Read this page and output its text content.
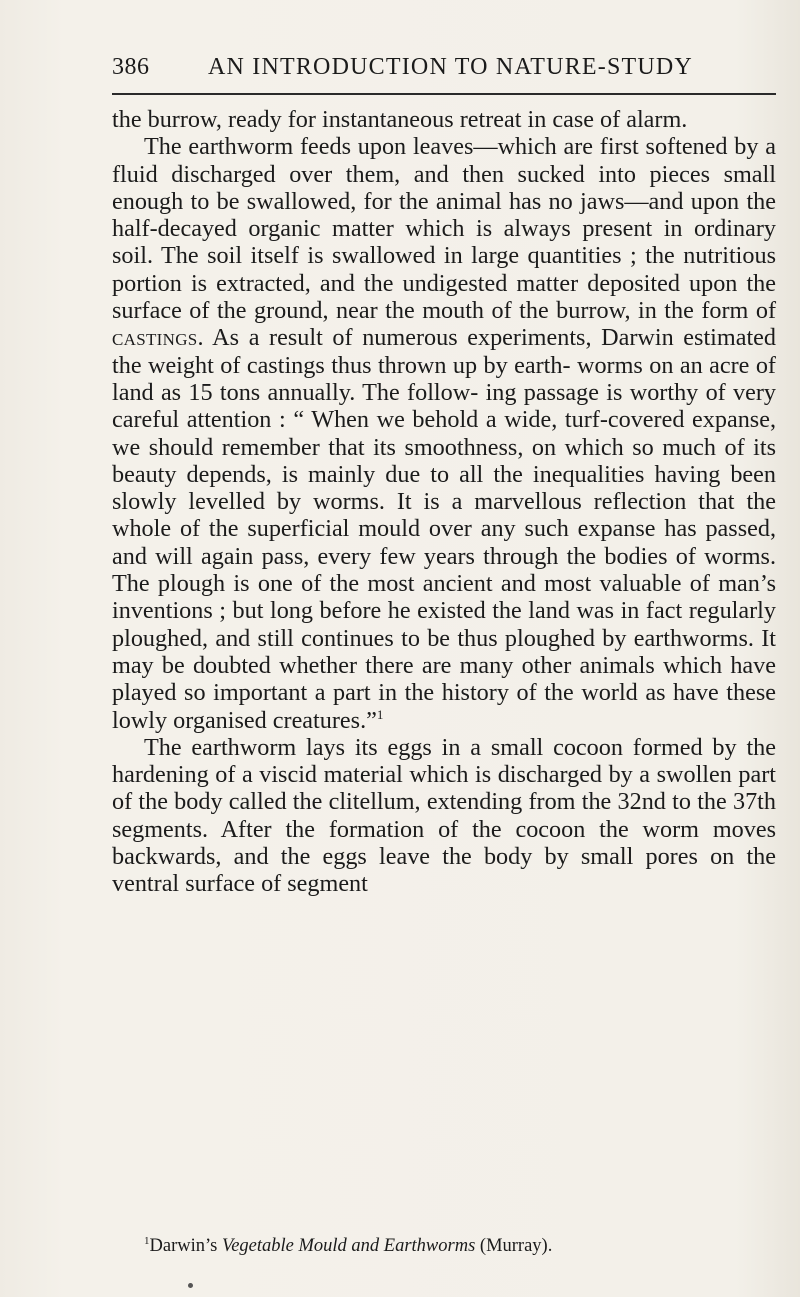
386 AN INTRODUCTION TO NATURE-STUDY

the burrow, ready for instantaneous retreat in case of alarm.

The earthworm feeds upon leaves—which are first softened by a fluid discharged over them, and then sucked into pieces small enough to be swallowed, for the animal has no jaws—and upon the half-decayed organic matter which is always present in ordinary soil. The soil itself is swallowed in large quantities ; the nutritious portion is extracted, and the undigested matter deposited upon the surface of the ground, near the mouth of the burrow, in the form of castings. As a result of numerous experiments, Darwin estimated the weight of castings thus thrown up by earth- worms on an acre of land as 15 tons annually. The follow- ing passage is worthy of very careful attention : “ When we behold a wide, turf-covered expanse, we should remember that its smoothness, on which so much of its beauty depends, is mainly due to all the inequalities having been slowly levelled by worms. It is a marvellous reflection that the whole of the superficial mould over any such expanse has passed, and will again pass, every few years through the bodies of worms. The plough is one of the most ancient and most valuable of man’s inventions ; but long before he existed the land was in fact regularly ploughed, and still continues to be thus ploughed by earthworms. It may be doubted whether there are many other animals which have played so important a part in the history of the world as have these lowly organised creatures.”$^1$

The earthworm lays its eggs in a small cocoon formed by the hardening of a viscid material which is discharged by a swollen part of the body called the clitellum, extending from the 32nd to the 37th segments. After the formation of the cocoon the worm moves backwards, and the eggs leave the body by small pores on the ventral surface of segment

$^1$Darwin’s Vegetable Mould and Earthworms (Murray).
